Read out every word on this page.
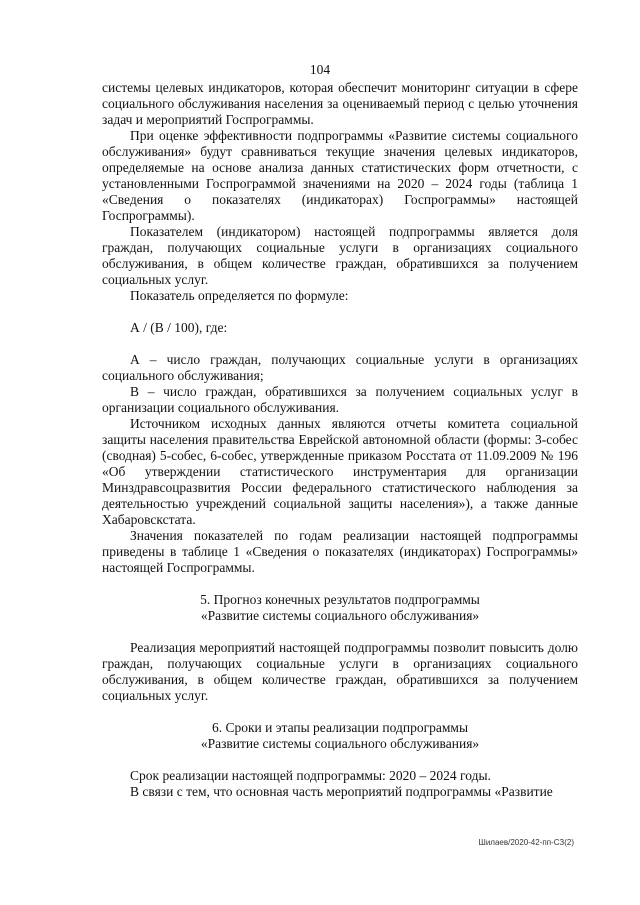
104

системы целевых индикаторов, которая обеспечит мониторинг ситуации в сфере социального обслуживания населения за оцениваемый период с целью уточнения задач и мероприятий Госпрограммы.

При оценке эффективности подпрограммы «Развитие системы социального обслуживания» будут сравниваться текущие значения целевых индикаторов, определяемые на основе анализа данных статистических форм отчетности, с установленными Госпрограммой значениями на 2020 – 2024 годы (таблица 1 «Сведения о показателях (индикаторах) Госпрограммы» настоящей Госпрограммы).

Показателем (индикатором) настоящей подпрограммы является доля граждан, получающих социальные услуги в организациях социального обслуживания, в общем количестве граждан, обратившихся за получением социальных услуг.

Показатель определяется по формуле:

А / (В / 100), где:

А – число граждан, получающих социальные услуги в организациях социального обслуживания;

В – число граждан, обратившихся за получением социальных услуг в организации социального обслуживания.

Источником исходных данных являются отчеты комитета социальной защиты населения правительства Еврейской автономной области (формы: 3-собес (сводная) 5-собес, 6-собес, утвержденные приказом Росстата от 11.09.2009 № 196 «Об утверждении статистического инструментария для организации Минздравсоцразвития России федерального статистического наблюдения за деятельностью учреждений социальной защиты населения»), а также данные Хабаровскстата.

Значения показателей по годам реализации настоящей подпрограммы приведены в таблице 1 «Сведения о показателях (индикаторах) Госпрограммы» настоящей Госпрограммы.

5. Прогноз конечных результатов подпрограммы
«Развитие системы социального обслуживания»

Реализация мероприятий настоящей подпрограммы позволит повысить долю граждан, получающих социальные услуги в организациях социального обслуживания, в общем количестве граждан, обратившихся за получением социальных услуг.

6. Сроки и этапы реализации подпрограммы
«Развитие системы социального обслуживания»

Срок реализации настоящей подпрограммы: 2020 – 2024 годы.

В связи с тем, что основная часть мероприятий подпрограммы «Развитие

Шилаев/2020-42-пп-СЗ(2)
